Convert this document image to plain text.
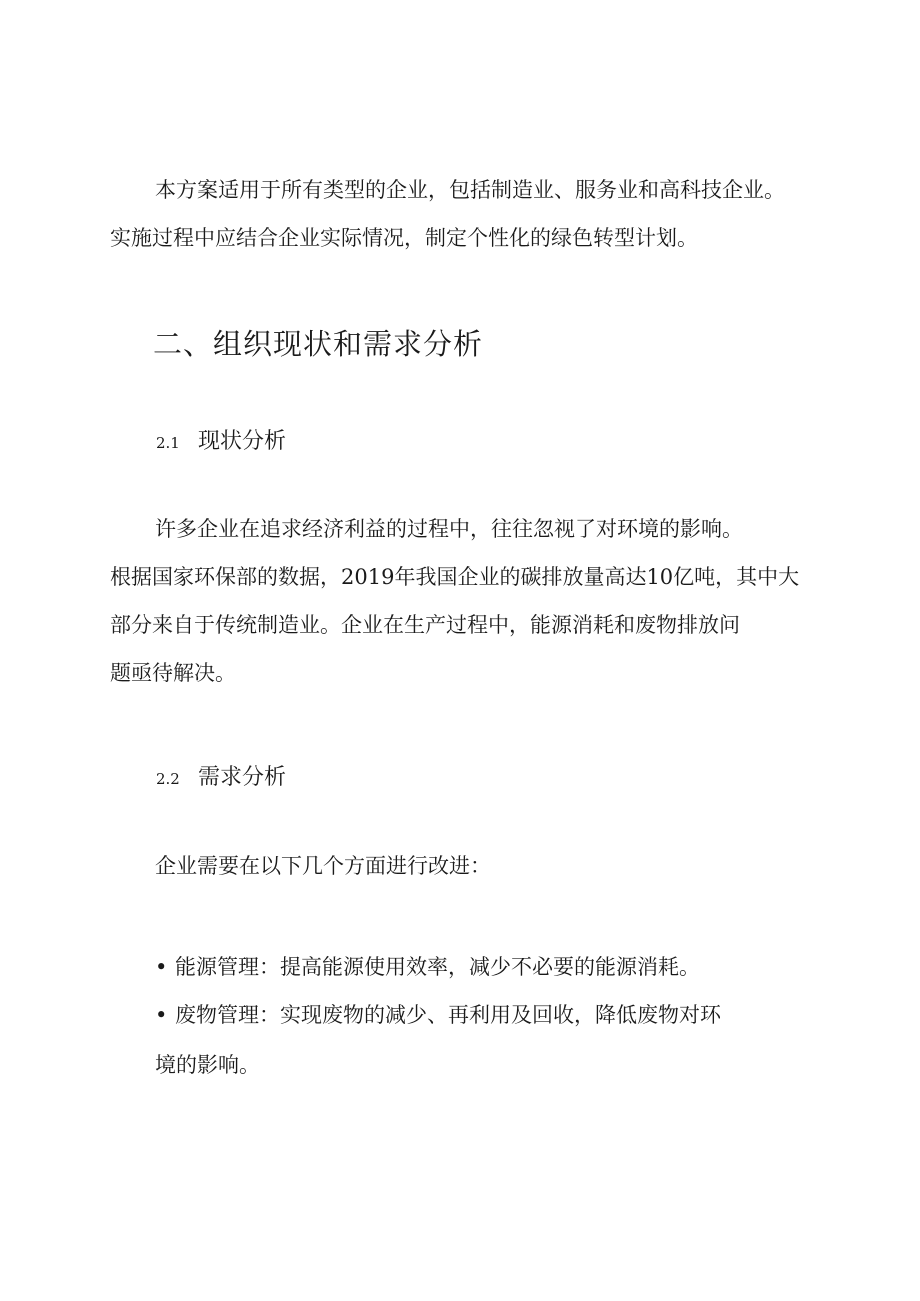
本方案适用于所有类型的企业，包括制造业、服务业和高科技企业。
实施过程中应结合企业实际情况，制定个性化的绿色转型计划。

二、组织现状和需求分析
2.1 现状分析

许多企业在追求经济利益的过程中，往往忽视了对环境的影响。
根据国家环保部的数据，2019年我国企业的碳排放量高达10亿吨，其中大
部分来自于传统制造业。企业在生产过程中，能源消耗和废物排放问
题亟待解决。

2.2 需求分析

企业需要在以下几个方面进行改进：

• 能源管理：提高能源使用效率，减少不必要的能源消耗。
• 废物管理：实现废物的减少、再利用及回收，降低废物对环
境的影响。
